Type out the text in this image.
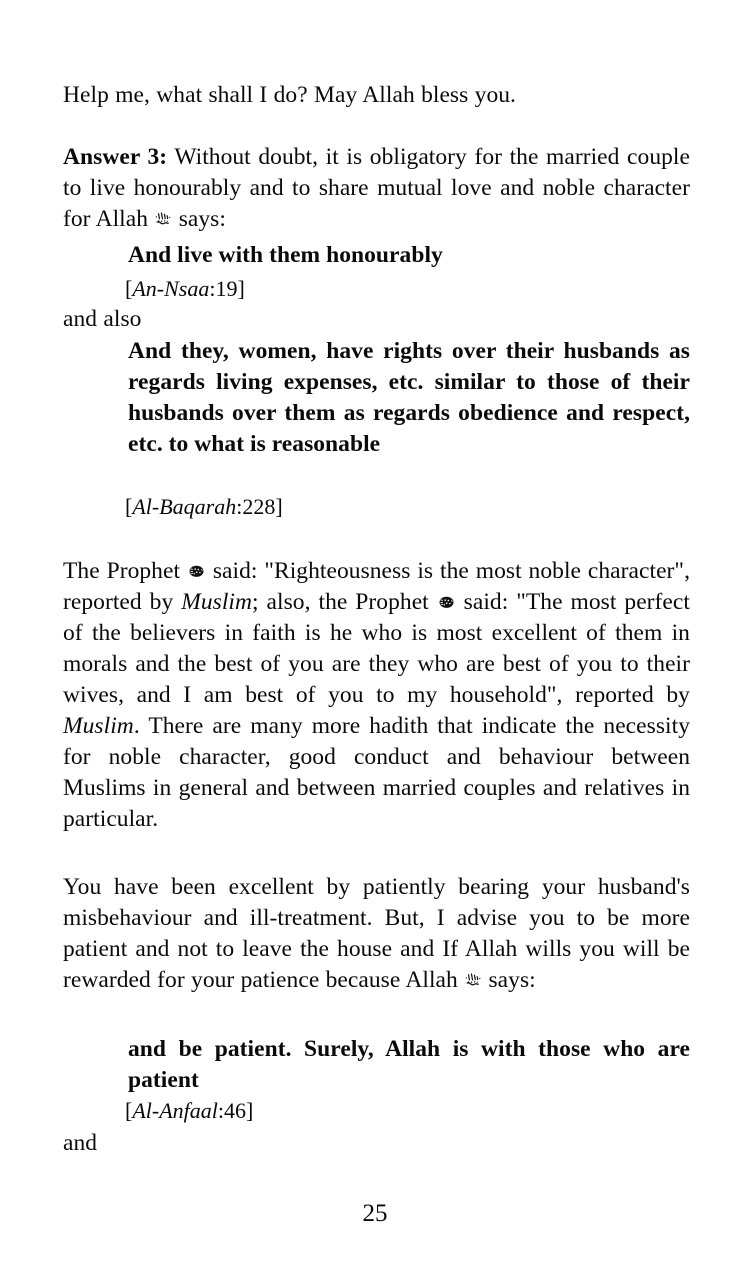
Help me, what shall I do? May Allah bless you.

Answer 3: Without doubt, it is obligatory for the married couple to live honourably and to share mutual love and noble character for Allah
says:

And live with them honourably

[An-Nsaa:19]

and also

And they, women, have rights over their husbands as regards living expenses, etc. similar to those of their husbands over them as regards obedience and respect, etc. to what is reasonable

[Al-Baqarah:228]

The Prophet
said: "Righteousness is the most noble character", reported by Muslim; also, the Prophet
said: "The most perfect of the believers in faith is he who is most excellent of them in morals and the best of you are they who are best of you to their wives, and I am best of you to my household", reported by Muslim. There are many more hadith that indicate the necessity for noble character, good conduct and behaviour between Muslims in general and between married couples and relatives in particular.

You have been excellent by patiently bearing your husband's misbehaviour and ill-treatment. But, I advise you to be more patient and not to leave the house and If Allah wills you will be rewarded for your patience because Allah
says:

and be patient. Surely, Allah is with those who are patient

[Al-Anfaal:46]

and

25
